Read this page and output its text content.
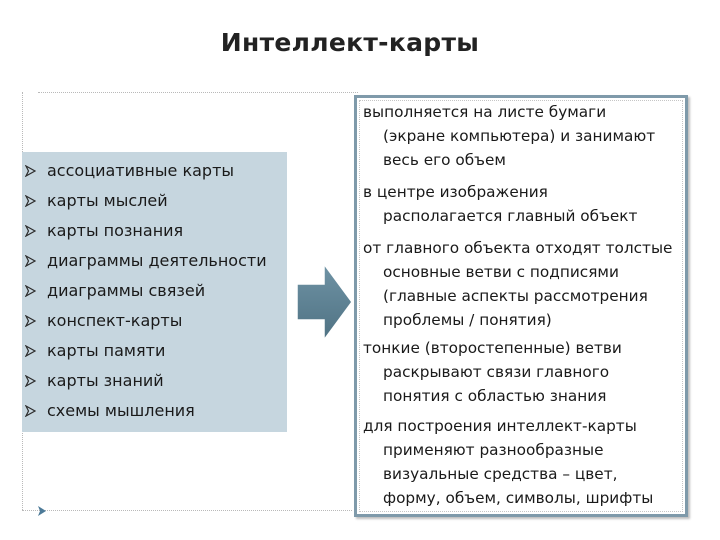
Интеллект-карты
ассоциативные карты
карты мыслей
карты познания
диаграммы деятельности
диаграммы связей
конспект-карты
карты памяти
карты знаний
схемы мышления
выполняется на листе бумаги
(экране компьютера) и занимают
весь его объем
в центре изображения
располагается главный объект
от главного объекта отходят толстые
основные ветви с подписями
(главные аспекты рассмотрения
проблемы / понятия)
тонкие (второстепенные) ветви
раскрывают связи главного
понятия с областью знания
для построения интеллект-карты
применяют разнообразные
визуальные средства – цвет,
форму, объем, символы, шрифты
